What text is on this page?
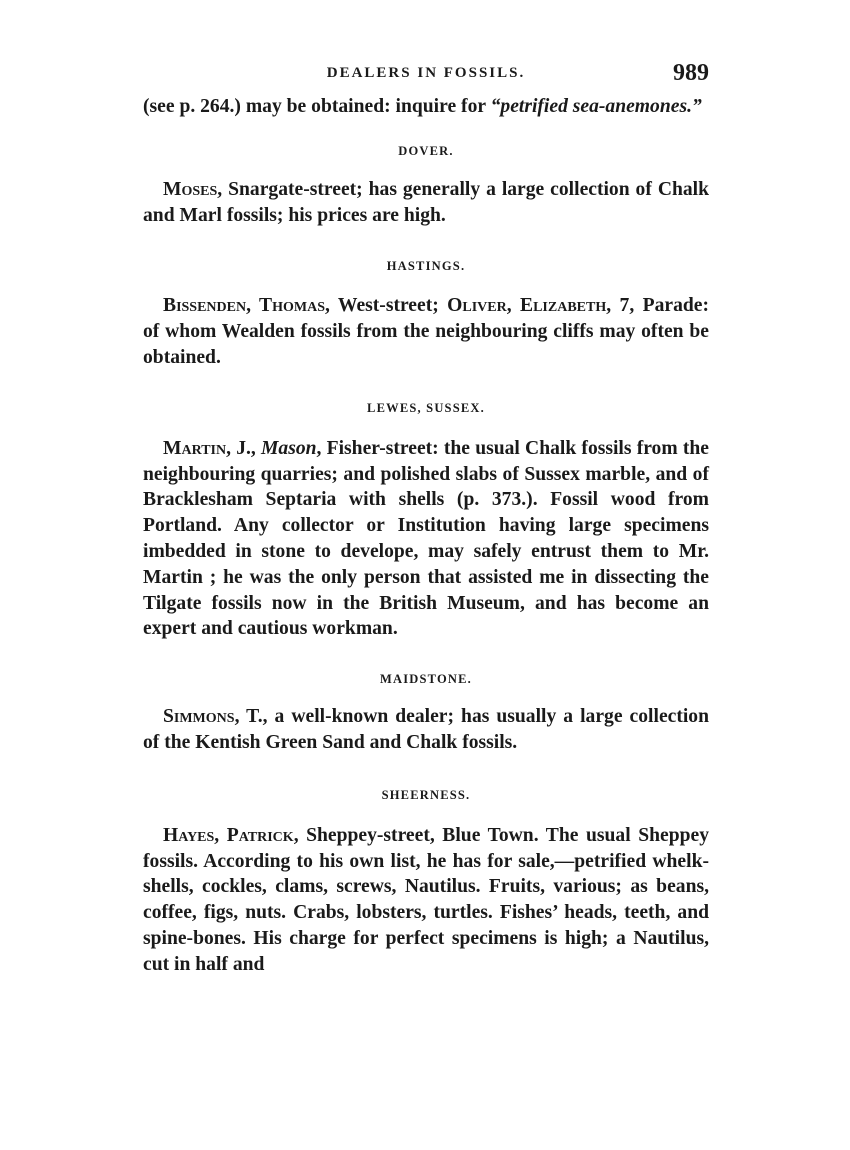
DEALERS IN FOSSILS.	989

(see p. 264.) may be obtained: inquire for “petrified sea-anemones.”

DOVER.

Moses, Snargate-street; has generally a large collection of Chalk and Marl fossils; his prices are high.

HASTINGS.

Bissenden, Thomas, West-street; Oliver, Elizabeth, 7, Parade: of whom Wealden fossils from the neighbouring cliffs may often be obtained.

LEWES, SUSSEX.

Martin, J., Mason, Fisher-street: the usual Chalk fossils from the neighbouring quarries; and polished slabs of Sussex marble, and of Bracklesham Septaria with shells (p. 373.). Fossil wood from Portland. Any collector or Institution having large specimens imbedded in stone to develope, may safely entrust them to Mr. Martin ; he was the only person that assisted me in dissecting the Tilgate fossils now in the British Museum, and has become an expert and cautious workman.

MAIDSTONE.

Simmons, T., a well-known dealer; has usually a large collection of the Kentish Green Sand and Chalk fossils.

SHEERNESS.

Hayes, Patrick, Sheppey-street, Blue Town. The usual Sheppey fossils. According to his own list, he has for sale,—petrified whelk-shells, cockles, clams, screws, Nautilus. Fruits, various; as beans, coffee, figs, nuts. Crabs, lobsters, turtles. Fishes’ heads, teeth, and spine-bones. His charge for perfect specimens is high; a Nautilus, cut in half and
